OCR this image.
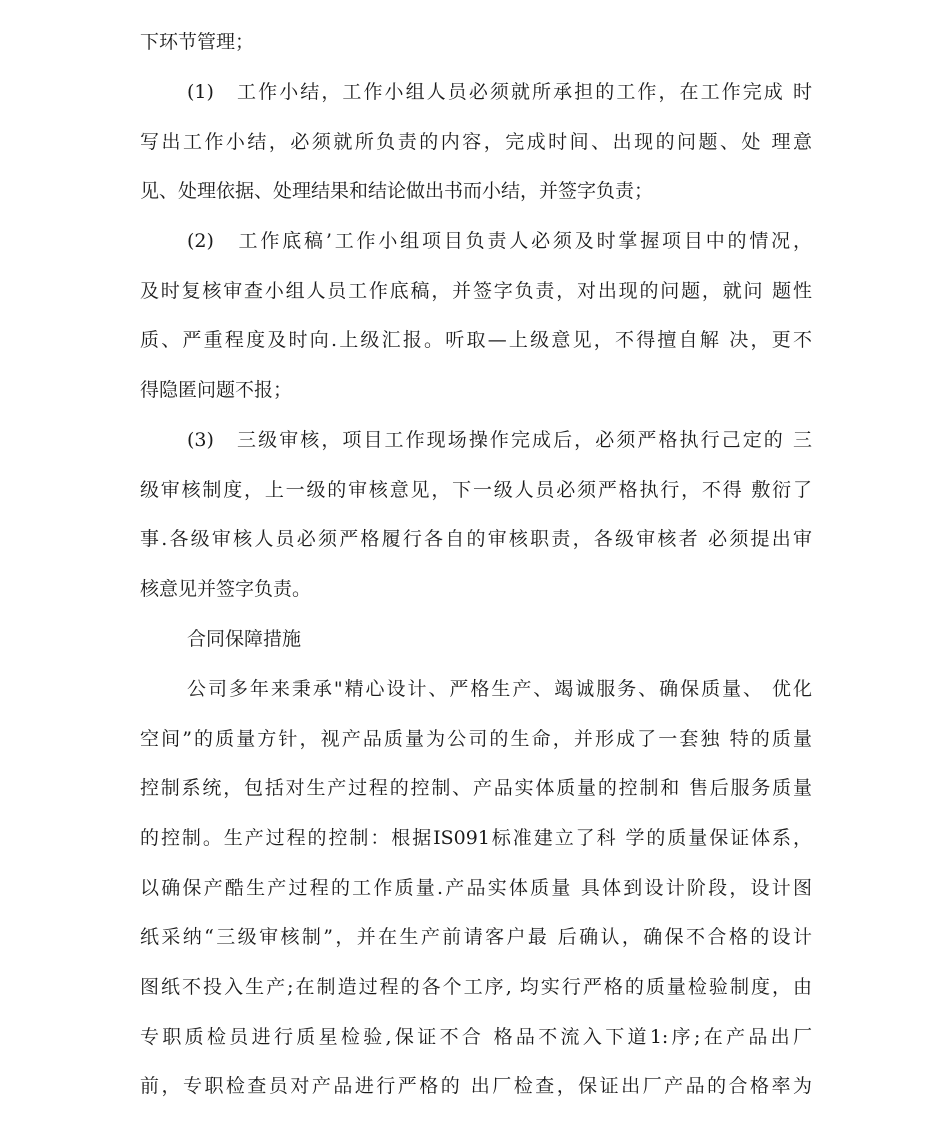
下环节管理；

(1)　工作小结，工作小组人员必须就所承担的工作，在工作完成 时

写出工作小结，必须就所负责的内容，完成时间、出现的问题、处 理意

见、处理依据、处理结果和结论做出书而小结，并签字负责；

(2)　工作底稿’工作小组项目负责人必须及时掌握项目中的情况，

及时复核审查小组人员工作底稿，并签字负责，对出现的问题，就问 题性

质、严重程度及时向.上级汇报。听取—上级意见，不得擅自解 决，更不

得隐匿问题不报；

(3)　三级审核，项目工作现场操作完成后，必须严格执行己定的 三

级审核制度，上一级的审核意见，下一级人员必须严格执行，不得 敷衍了

事.各级审核人员必须严格履行各自的审核职责，各级审核者 必须提出审

核意见并签字负责。

合同保障措施

公司多年来秉承"精心设计、严格生产、竭诚服务、确保质量、 优化

空间”的质量方针，视产品质量为公司的生命，并形成了一套独 特的质量

控制系统，包括对生产过程的控制、产品实体质量的控制和 售后服务质量

的控制。生产过程的控制：根据IS091标准建立了科 学的质量保证体系，

以确保产酷生产过程的工作质量.产品实体质量 具体到设计阶段，设计图

纸采纳“三级审核制”，并在生产前请客户最 后确认，确保不合格的设计

图纸不投入生产;在制造过程的各个工序, 均实行严格的质量检验制度，由

专职质检员进行质星检验,保证不合 格品不流入下道1:序;在产品出厂

前，专职检查员对产品进行严格的 出厂检查，保证出厂产品的合格率为
